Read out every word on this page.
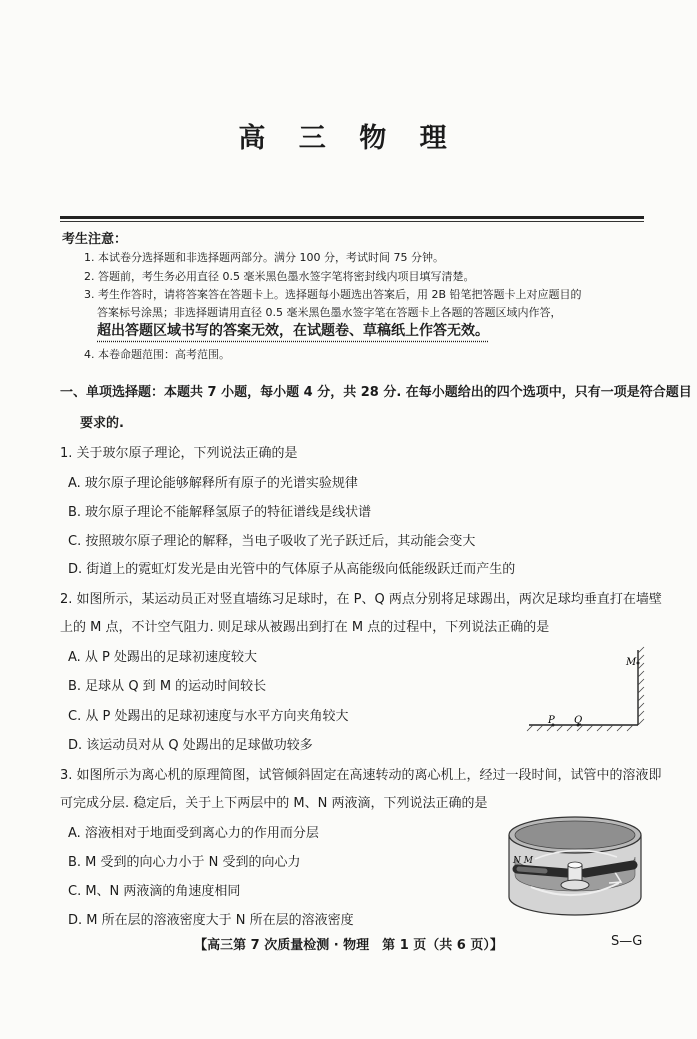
高 三 物 理
考生注意：
1. 本试卷分选择题和非选择题两部分。满分 100 分，考试时间 75 分钟。
2. 答题前，考生务必用直径 0.5 毫米黑色墨水签字笔将密封线内项目填写清楚。
3. 考生作答时，请将答案答在答题卡上。选择题每小题选出答案后，用 2B 铅笔把答题卡上对应题目的
答案标号涂黑；非选择题请用直径 0.5 毫米黑色墨水签字笔在答题卡上各题的答题区域内作答，
超出答题区域书写的答案无效，在试题卷、草稿纸上作答无效。
4. 本卷命题范围：高考范围。
一、单项选择题：本题共 7 小题，每小题 4 分，共 28 分. 在每小题给出的四个选项中，只有一项是符合题目
要求的.
1. 关于玻尔原子理论，下列说法正确的是
A. 玻尔原子理论能够解释所有原子的光谱实验规律
B. 玻尔原子理论不能解释氢原子的特征谱线是线状谱
C. 按照玻尔原子理论的解释，当电子吸收了光子跃迁后，其动能会变大
D. 街道上的霓虹灯发光是由光管中的气体原子从高能级向低能级跃迁而产生的
2. 如图所示，某运动员正对竖直墙练习足球时，在 P、Q 两点分别将足球踢出，两次足球均垂直打在墙壁
上的 M 点，不计空气阻力. 则足球从被踢出到打在 M 点的过程中，下列说法正确的是
A. 从 P 处踢出的足球初速度较大
B. 足球从 Q 到 M 的运动时间较长
C. 从 P 处踢出的足球初速度与水平方向夹角较大
D. 该运动员对从 Q 处踢出的足球做功较多
M
P Q
3. 如图所示为离心机的原理简图，试管倾斜固定在高速转动的离心机上，经过一段时间，试管中的溶液即
可完成分层. 稳定后，关于上下两层中的 M、N 两液滴，下列说法正确的是
A. 溶液相对于地面受到离心力的作用而分层
B. M 受到的向心力小于 N 受到的向心力
C. M、N 两液滴的角速度相同
D. M 所在层的溶液密度大于 N 所在层的溶液密度
N M
【高三第 7 次质量检测 · 物理　第 1 页（共 6 页）】	S—G
